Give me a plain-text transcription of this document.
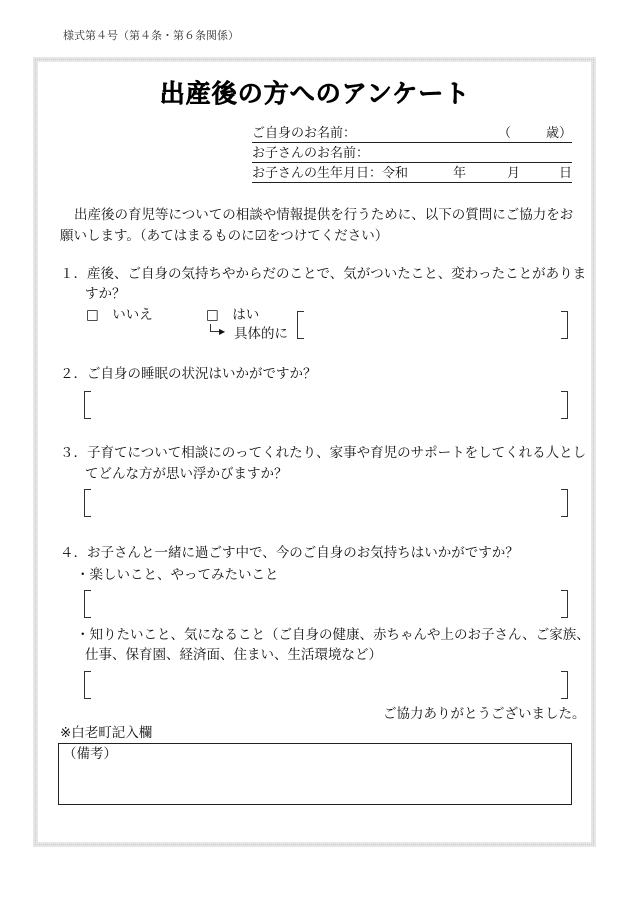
様式第４号（第４条・第６条関係）
出産後の方へのアンケート
ご自身のお名前：	（	歳）
お子さんのお名前：
お子さんの生年月日：令和	年	月	日
出産後の育児等についての相談や情報提供を行うために、以下の質問にご協力をお
願いします。（あてはまるものに☑をつけてください）
１．産後、ご自身の気持ちやからだのことで、気がついたこと、変わったことがありま
すか？
□　いいえ	□　はい
▶ 具体的に
２．ご自身の睡眠の状況はいかがですか？
３．子育てについて相談にのってくれたり、家事や育児のサポートをしてくれる人とし
てどんな方が思い浮かびますか？
４．お子さんと一緒に過ごす中で、今のご自身のお気持ちはいかがですか？
・楽しいこと、やってみたいこと
・知りたいこと、気になること（ご自身の健康、赤ちゃんや上のお子さん、ご家族、
仕事、保育園、経済面、住まい、生活環境など）
ご協力ありがとうございました。
※白老町記入欄
（備考）
